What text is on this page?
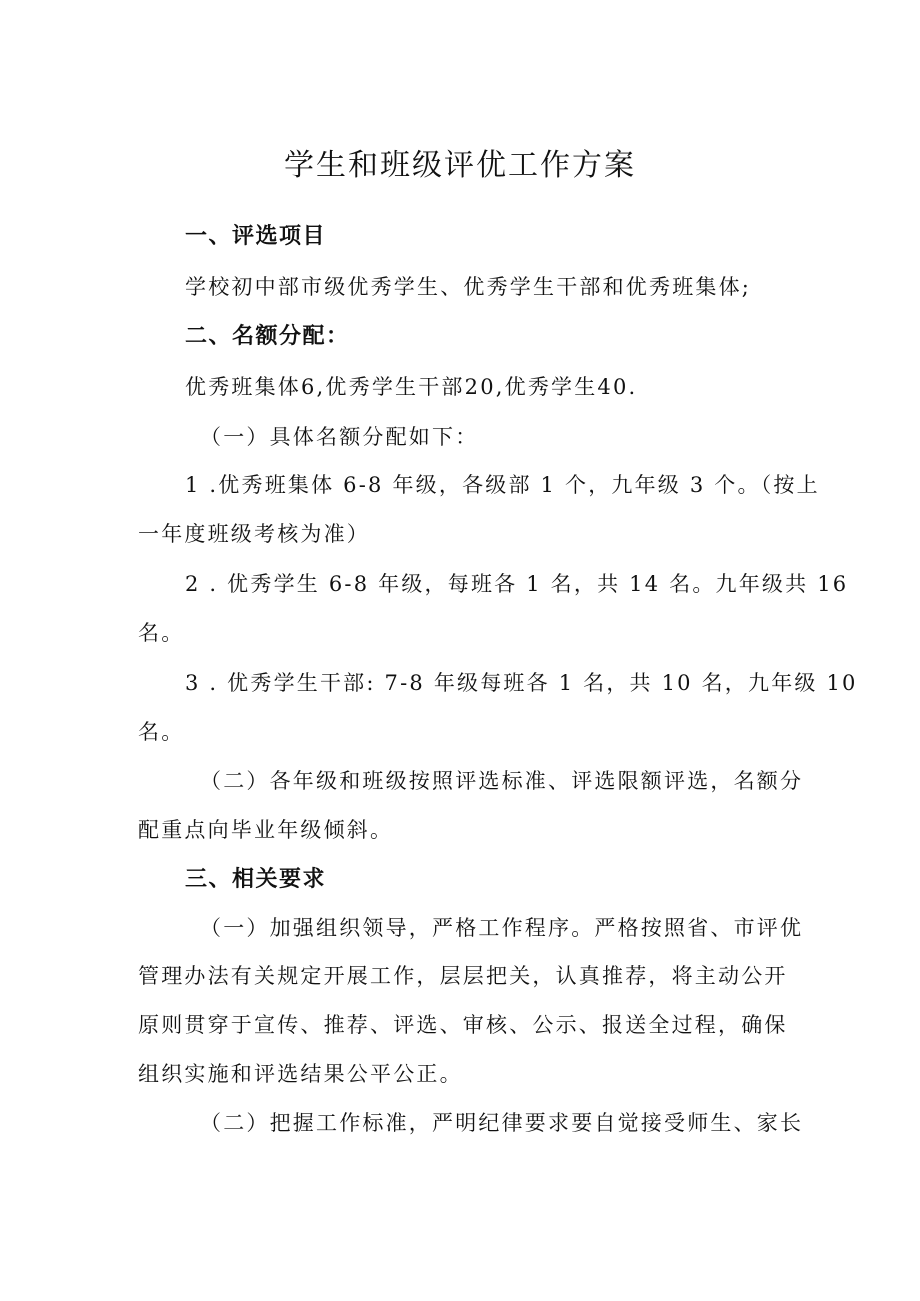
学生和班级评优工作方案
一、评选项目
学校初中部市级优秀学生、优秀学生干部和优秀班集体;
二、名额分配：
优秀班集体6,优秀学生干部20,优秀学生40.
（一）具体名额分配如下：
1 .优秀班集体 6-8 年级，各级部 1 个，九年级 3 个。（按上
一年度班级考核为准）
2 . 优秀学生 6-8 年级，每班各 1 名，共 14 名。九年级共 16
名。
3 . 优秀学生干部: 7-8 年级每班各 1 名，共 10 名，九年级 10
名。
（二）各年级和班级按照评选标准、评选限额评选，名额分
配重点向毕业年级倾斜。
三、相关要求
（一）加强组织领导，严格工作程序。严格按照省、市评优
管理办法有关规定开展工作，层层把关，认真推荐，将主动公开
原则贯穿于宣传、推荐、评选、审核、公示、报送全过程，确保
组织实施和评选结果公平公正。
（二）把握工作标准，严明纪律要求要自觉接受师生、家长
